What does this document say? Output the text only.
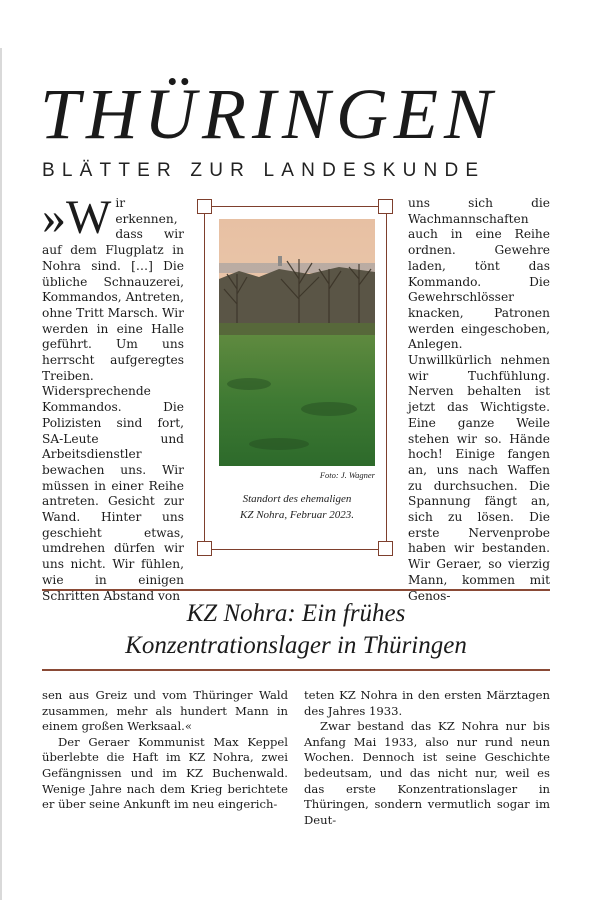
THÜRINGEN
BLÄTTER ZUR LANDESKUNDE
»W ir erkennen, dass wir auf dem Flugplatz in Nohra sind. […] Die übliche Schnauzerei, Kommandos, Antreten, ohne Tritt Marsch. Wir werden in eine Halle geführt. Um uns herrscht aufgeregtes Treiben. Widersprechende Kommandos. Die Polizisten sind fort, SA-Leute und Arbeitsdienstler bewachen uns. Wir müssen in einer Reihe antreten. Gesicht zur Wand. Hinter uns geschieht etwas, umdrehen dürfen wir uns nicht. Wir fühlen, wie in einigen Schritten Abstand von
Foto: J. Wagner
Standort des ehemaligen
KZ Nohra, Februar 2023.
uns sich die Wachmannschaften auch in eine Reihe ordnen. Gewehre laden, tönt das Kommando. Die Gewehrschlösser knacken, Patronen werden eingeschoben, Anlegen. Unwillkürlich nehmen wir Tuchfühlung. Nerven behalten ist jetzt das Wichtigste. Eine ganze Weile stehen wir so. Hände hoch! Einige fangen an, uns nach Waffen zu durchsuchen. Die Spannung fängt an, sich zu lösen. Die erste Nervenprobe haben wir bestanden. Wir Geraer, so vierzig Mann, kommen mit Genos-
KZ Nohra: Ein frühes
Konzentrationslager in Thüringen

sen aus Greiz und vom Thüringer Wald zusammen, mehr als hundert Mann in einem großen Werksaal.«

Der Geraer Kommunist Max Keppel überlebte die Haft im KZ Nohra, zwei Gefängnissen und im KZ Buchenwald. Wenige Jahre nach dem Krieg berichtete er über seine Ankunft im neu eingerich-

teten KZ Nohra in den ersten Märztagen des Jahres 1933.

Zwar bestand das KZ Nohra nur bis Anfang Mai 1933, also nur rund neun Wochen. Dennoch ist seine Geschichte bedeutsam, und das nicht nur, weil es das erste Konzentrationslager in Thüringen, sondern vermutlich sogar im Deut-
